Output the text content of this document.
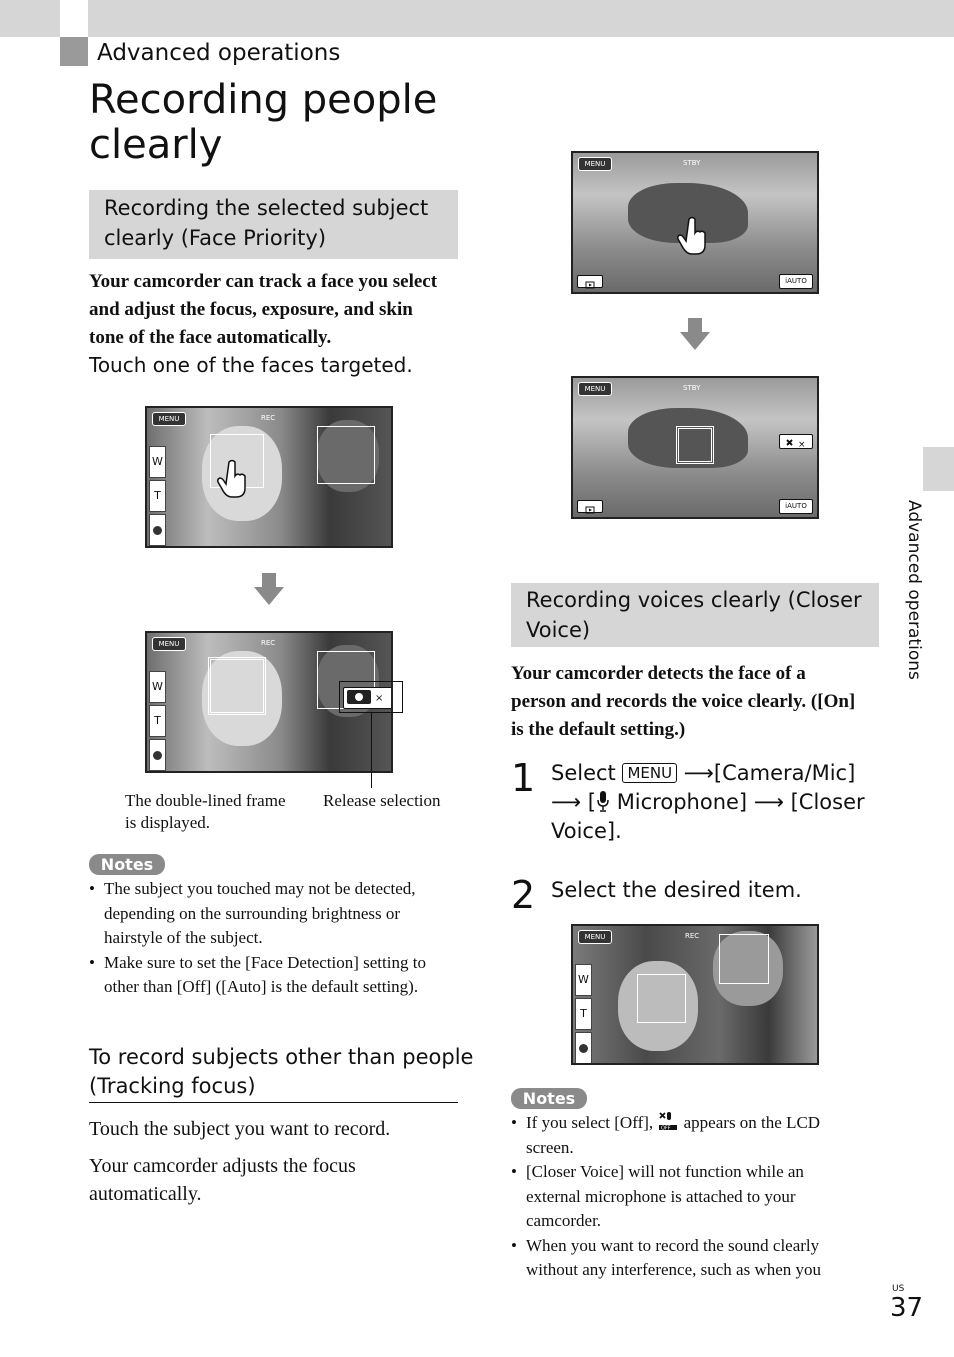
Advanced operations
Recording people
clearly
Recording the selected subject
clearly (Face Priority)
Your camcorder can track a face you select
and adjust the focus, exposure, and skin
tone of the face automatically.
Touch one of the faces targeted.
MENU	REC
W
T
MENU	REC
W
T
×
The double-lined frame
is displayed.
Release selection
Notes
• The subject you touched may not be detected,
depending on the surrounding brightness or
hairstyle of the subject.
• Make sure to set the [Face Detection] setting to
other than [Off] ([Auto] is the default setting).
To record subjects other than people
(Tracking focus)
Touch the subject you want to record.
Your camcorder adjusts the focus
automatically.
MENU	STBY
iAUTO
MENU	STBY
×
iAUTO
Recording voices clearly (Closer
Voice)
Your camcorder detects the face of a
person and records the voice clearly. ([On]
is the default setting.)
1 Select MENU ⟶[Camera/Mic]
⟶ [ Microphone] ⟶ [Closer
Voice].
2 Select the desired item.
MENU	REC
W
T
Notes
• If you select [Off], OFF appears on the LCD
screen.
• [Closer Voice] will not function while an
external microphone is attached to your
camcorder.
• When you want to record the sound clearly
without any interference, such as when you
Advanced operations
US
37
